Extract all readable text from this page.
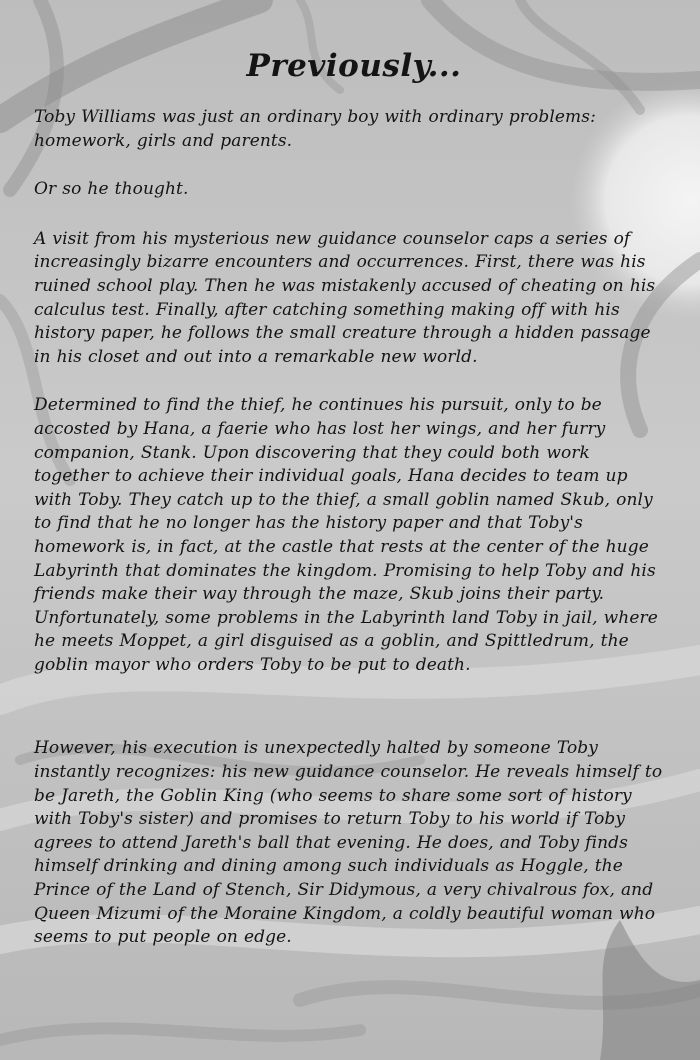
Previously...

Toby Williams was just an ordinary boy with ordinary problems: homework, girls and parents.

Or so he thought.

A visit from his mysterious new guidance counselor caps a series of increasingly bizarre encounters and occurrences. First, there was his ruined school play. Then he was mistakenly accused of cheating on his calculus test. Finally, after catching something making off with his history paper, he follows the small creature through a hidden passage in his closet and out into a remarkable new world.

Determined to find the thief, he continues his pursuit, only to be accosted by Hana, a faerie who has lost her wings, and her furry companion, Stank. Upon discovering that they could both work together to achieve their individual goals, Hana decides to team up with Toby. They catch up to the thief, a small goblin named Skub, only to find that he no longer has the history paper and that Toby's homework is, in fact, at the castle that rests at the center of the huge Labyrinth that dominates the kingdom. Promising to help Toby and his friends make their way through the maze, Skub joins their party. Unfortunately, some problems in the Labyrinth land Toby in jail, where he meets Moppet, a girl disguised as a goblin, and Spittledrum, the goblin mayor who orders Toby to be put to death.

However, his execution is unexpectedly halted by someone Toby instantly recognizes: his new guidance counselor. He reveals himself to be Jareth, the Goblin King (who seems to share some sort of history with Toby's sister) and promises to return Toby to his world if Toby agrees to attend Jareth's ball that evening. He does, and Toby finds himself drinking and dining among such individuals as Hoggle, the Prince of the Land of Stench, Sir Didymous, a very chivalrous fox, and Queen Mizumi of the Moraine Kingdom, a coldly beautiful woman who seems to put people on edge.
